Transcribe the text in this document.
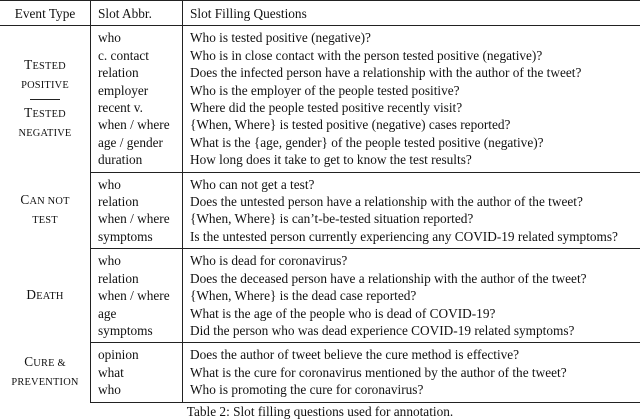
Event Type	Slot Abbr.	Slot Filling Questions

TESTED
POSITIVE
TESTED
NEGATIVE	who	Who is tested positive (negative)?
	c. contact	Who is in close contact with the person tested positive (negative)?
	relation	Does the infected person have a relationship with the author of the tweet?
	employer	Who is the employer of the people tested positive?
	recent v.	Where did the people tested positive recently visit?
	when / where	{When, Where} is tested positive (negative) cases reported?
	age / gender	What is the {age, gender} of the people tested positive (negative)?
	duration	How long does it take to get to know the test results?

CAN NOT
TEST	who	Who can not get a test?
	relation	Does the untested person have a relationship with the author of the tweet?
	when / where	{When, Where} is can’t-be-tested situation reported?
	symptoms	Is the untested person currently experiencing any COVID-19 related symptoms?

DEATH	who	Who is dead for coronavirus?
	relation	Does the deceased person have a relationship with the author of the tweet?
	when / where	{When, Where} is the dead case reported?
	age	What is the age of the people who is dead of COVID-19?
	symptoms	Did the person who was dead experience COVID-19 related symptoms?

CURE &
PREVENTION	opinion	Does the author of tweet believe the cure method is effective?
	what	What is the cure for coronavirus mentioned by the author of the tweet?
	who	Who is promoting the cure for coronavirus?
Table 2: Slot filling questions used for annotation.
